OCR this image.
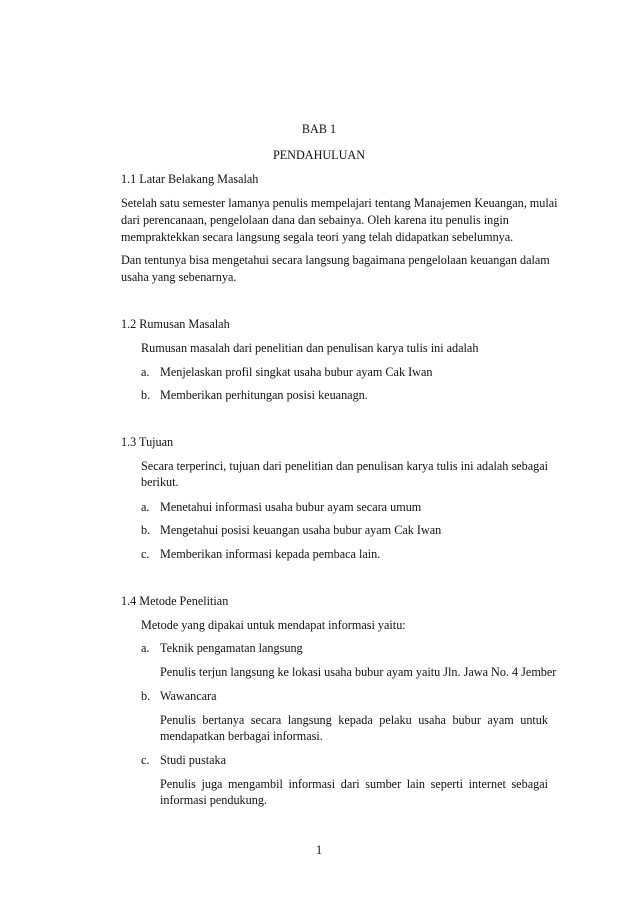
BAB 1
PENDAHULUAN
1.1 Latar Belakang Masalah
Setelah satu semester lamanya penulis mempelajari tentang Manajemen Keuangan, mulai
dari perencanaan, pengelolaan dana dan sebainya. Oleh karena itu penulis ingin
mempraktekkan secara langsung segala teori yang telah didapatkan sebelumnya.
Dan tentunya bisa mengetahui secara langsung bagaimana pengelolaan keuangan dalam
usaha yang sebenarnya.
1.2 Rumusan Masalah
Rumusan masalah dari penelitian dan penulisan karya tulis ini adalah
a. Menjelaskan profil singkat usaha bubur ayam Cak Iwan
b. Memberikan perhitungan posisi keuanagn.
1.3 Tujuan
Secara terperinci, tujuan dari penelitian dan penulisan karya tulis ini adalah sebagai berikut.
a. Menetahui informasi usaha bubur ayam secara umum
b. Mengetahui posisi keuangan usaha bubur ayam Cak Iwan
c. Memberikan informasi kepada pembaca lain.
1.4 Metode Penelitian
Metode yang dipakai untuk mendapat informasi yaitu:
a. Teknik pengamatan langsung
Penulis terjun langsung ke lokasi usaha bubur ayam yaitu Jln. Jawa No. 4 Jember
b. Wawancara
Penulis bertanya secara langsung kepada pelaku usaha bubur ayam untuk mendapatkan berbagai informasi.
c. Studi pustaka
Penulis juga mengambil informasi dari sumber lain seperti internet sebagai informasi pendukung.
1
